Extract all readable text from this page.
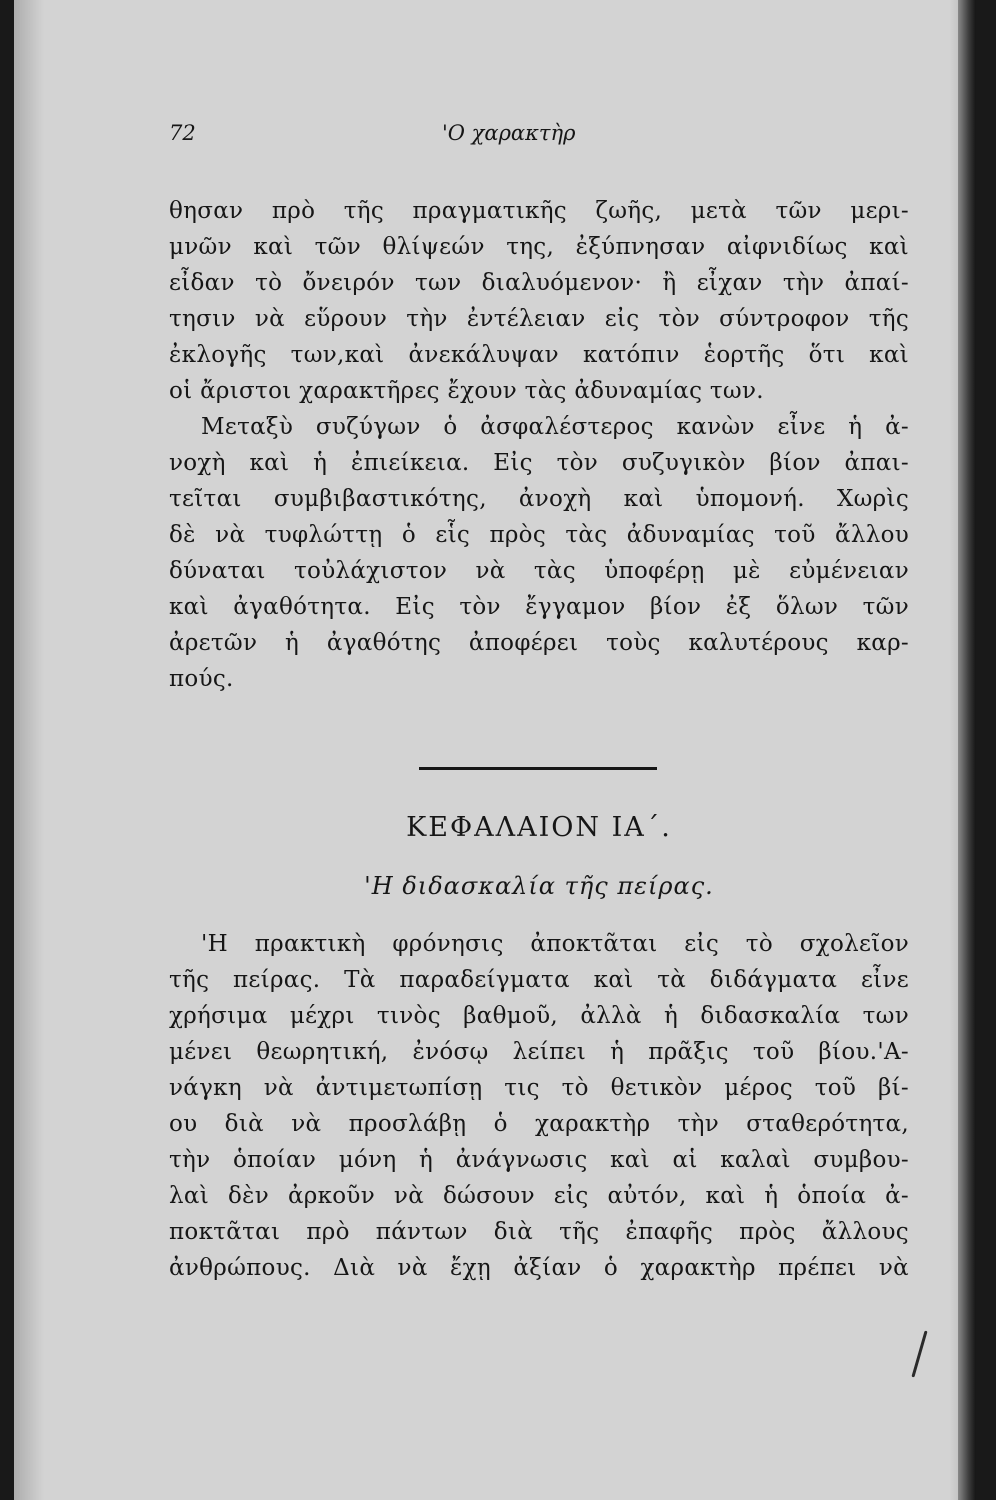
72	'Ο χαρακτὴρ
θησαν πρὸ τῆς πραγματικῆς ζωῆς, μετὰ τῶν μερι-
μνῶν καὶ τῶν θλίψεών της, ἐξύπνησαν αἰφνιδίως καὶ
εἶδαν τὸ ὄνειρόν των διαλυόμενον· ἢ εἶχαν τὴν ἀπαί-
τησιν νὰ εὕρουν τὴν ἐντέλειαν εἰς τὸν σύντροφον τῆς
ἐκλογῆς των,καὶ ἀνεκάλυψαν κατόπιν ἑορτῆς ὅτι καὶ
οἱ ἄριστοι χαρακτῆρες ἔχουν τὰς ἀδυναμίας των.
Μεταξὺ συζύγων ὁ ἀσφαλέστερος κανὼν εἶνε ἡ ἀ-
νοχὴ καὶ ἡ ἐπιείκεια. Εἰς τὸν συζυγικὸν βίον ἀπαι-
τεῖται συμβιβαστικότης, ἀνοχὴ καὶ ὑπομονή. Χωρὶς
δὲ νὰ τυφλώττῃ ὁ εἷς πρὸς τὰς ἀδυναμίας τοῦ ἄλλου
δύναται τοὐλάχιστον νὰ τὰς ὑποφέρῃ μὲ εὐμένειαν
καὶ ἀγαθότητα. Εἰς τὸν ἔγγαμον βίον ἐξ ὅλων τῶν
ἀρετῶν ἡ ἀγαθότης ἀποφέρει τοὺς καλυτέρους καρ-
πούς.
ΚΕΦΑΛΑΙΟΝ ΙΑ΄.
'Η διδασκαλία τῆς πείρας.
'Η πρακτικὴ φρόνησις ἀποκτᾶται εἰς τὸ σχολεῖον
τῆς πείρας. Τὰ παραδείγματα καὶ τὰ διδάγματα εἶνε
χρήσιμα μέχρι τινὸς βαθμοῦ, ἀλλὰ ἡ διδασκαλία των
μένει θεωρητική, ἐνόσῳ λείπει ἡ πρᾶξις τοῦ βίου.'Α-
νάγκη νὰ ἀντιμετωπίσῃ τις τὸ θετικὸν μέρος τοῦ βί-
ου διὰ νὰ προσλάβῃ ὁ χαρακτὴρ τὴν σταθερότητα,
τὴν ὁποίαν μόνη ἡ ἀνάγνωσις καὶ αἱ καλαὶ συμβου-
λαὶ δὲν ἀρκοῦν νὰ δώσουν εἰς αὐτόν, καὶ ἡ ὁποία ἀ-
ποκτᾶται πρὸ πάντων διὰ τῆς ἐπαφῆς πρὸς ἄλλους
ἀνθρώπους. Διὰ νὰ ἔχῃ ἀξίαν ὁ χαρακτὴρ πρέπει νὰ
